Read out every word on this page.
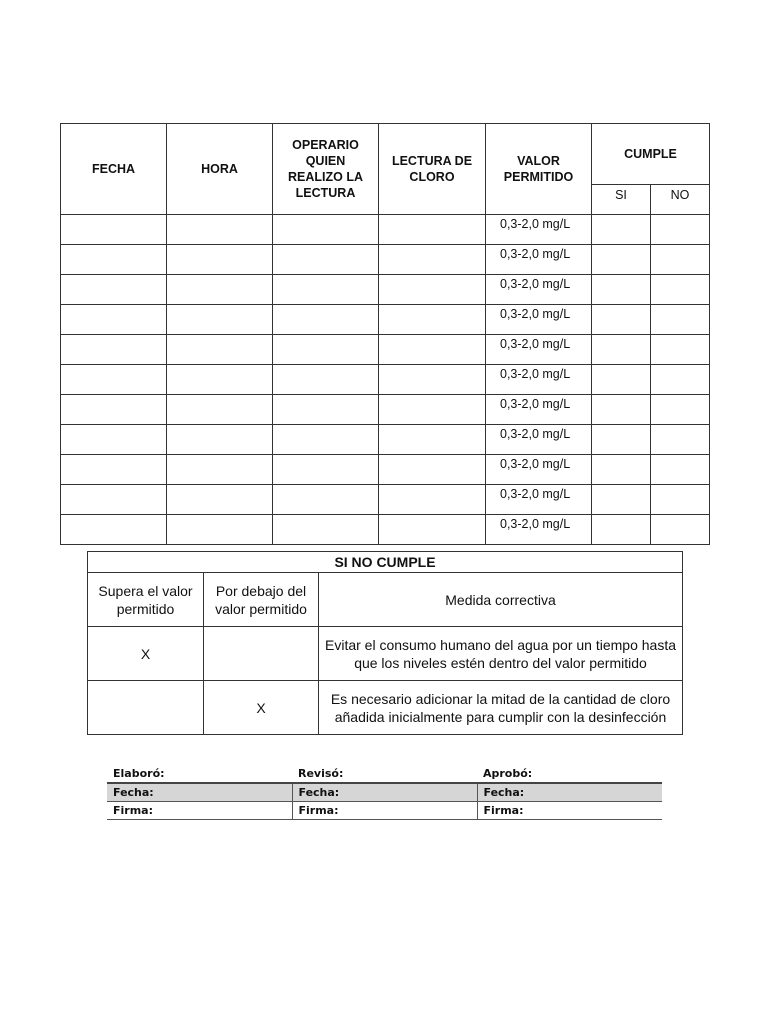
FECHA	HORA	OPERARIO QUIEN REALIZO LA LECTURA	LECTURA DE CLORO	VALOR PERMITIDO	CUMPLE	
					SI	NO
				0,3-2,0 mg/L		
				0,3-2,0 mg/L		
				0,3-2,0 mg/L		
				0,3-2,0 mg/L		
				0,3-2,0 mg/L		
				0,3-2,0 mg/L		
				0,3-2,0 mg/L		
				0,3-2,0 mg/L		
				0,3-2,0 mg/L		
				0,3-2,0 mg/L		
				0,3-2,0 mg/L		
SI NO CUMPLE		
Supera el valor permitido	Por debajo del valor permitido	Medida correctiva
X		Evitar el consumo humano del agua por un tiempo hasta que los niveles estén dentro del valor permitido
	X	Es necesario adicionar la mitad de la cantidad de cloro añadida inicialmente para cumplir con la desinfección
Elaboró:	Revisó:	Aprobó:
Fecha:	Fecha:	Fecha:
Firma:	Firma:	Firma:
